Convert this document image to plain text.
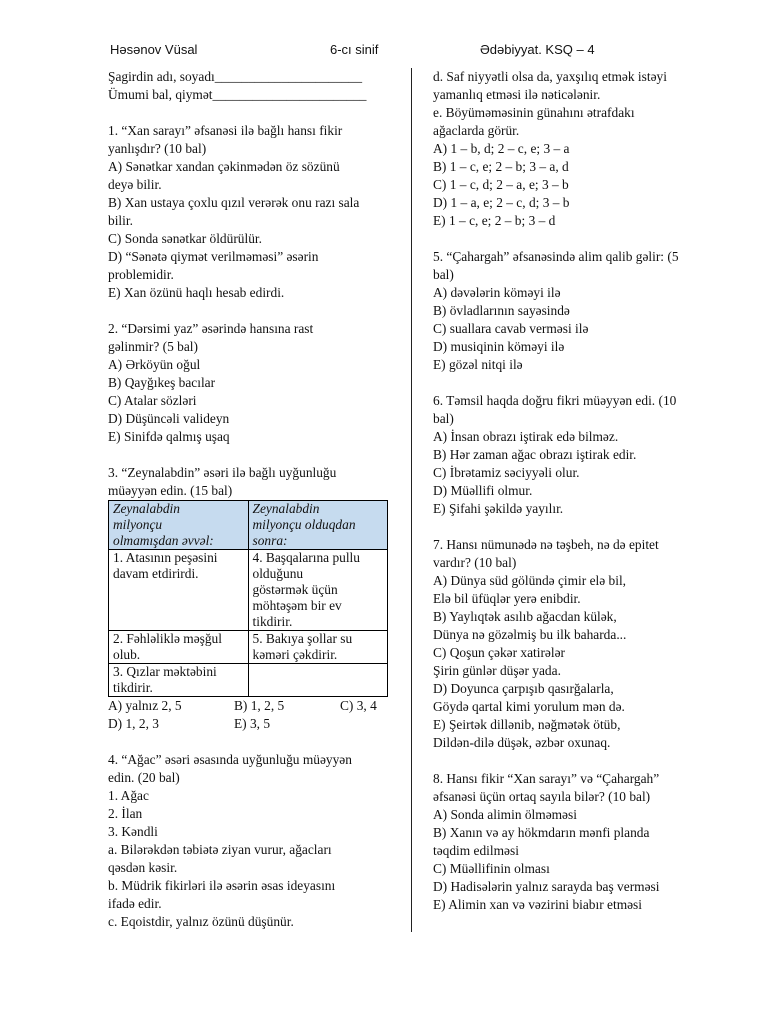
Həsənov Vüsal	6-cı sinif	Ədəbiyyat. KSQ – 4
Şagirdin adı, soyadı______________________
Ümumi bal, qiymət_______________________
1. “Xan sarayı” əfsanəsi ilə bağlı hansı fikir
yanlışdır? (10 bal)
A) Sənətkar xandan çəkinmədən öz sözünü
deyə bilir.
B) Xan ustaya çoxlu qızıl verərək onu razı sala
bilir.
C) Sonda sənətkar öldürülür.
D) “Sənətə qiymət verilməməsi” əsərin
problemidir.
E) Xan özünü haqlı hesab edirdi.
2. “Dərsimi yaz” əsərində hansına rast
gəlinmir? (5 bal)
A) Ərköyün oğul
B) Qayğıkeş bacılar
C) Atalar sözləri
D) Düşüncəli valideyn
E) Sinifdə qalmış uşaq
3. “Zeynalabdin” əsəri ilə bağlı uyğunluğu
müəyyən edin. (15 bal)
Zeynalabdin
milyonçu
olmamışdan əvvəl:	Zeynalabdin
milyonçu olduqdan
sonra:

1. Atasının peşəsini
davam etdirirdi.	4. Başqalarına pullu
olduğunu
göstərmək üçün
möhtəşəm bir ev
tikdirir.

2. Fəhləliklə məşğul
olub.	5. Bakıya şollar su
kəməri çəkdirir.

3. Qızlar məktəbini
tikdirir.	

A) yalnız 2, 5	B) 1, 2, 5	C) 3, 4
D) 1, 2, 3	E) 3, 5
4. “Ağac” əsəri əsasında uyğunluğu müəyyən
edin. (20 bal)
1. Ağac
2. İlan
3. Kəndli
a. Bilərəkdən təbiətə ziyan vurur, ağacları
qəsdən kəsir.
b. Müdrik fikirləri ilə əsərin əsas ideyasını
ifadə edir.
c. Eqoistdir, yalnız özünü düşünür.
d. Saf niyyətli olsa da, yaxşılıq etmək istəyi
yamanlıq etməsi ilə nəticələnir.
e. Böyüməməsinin günahını ətrafdakı
ağaclarda görür.
A) 1 – b, d; 2 – c, e; 3 – a
B) 1 – c, e; 2 – b; 3 – a, d
C) 1 – c, d; 2 – a, e; 3 – b
D) 1 – a, e; 2 – c, d; 3 – b
E) 1 – c, e; 2 – b; 3 – d
5. “Çahargah” əfsanəsində alim qalib gəlir: (5
bal)
A) dəvələrin köməyi ilə
B) övladlarının sayəsində
C) suallara cavab verməsi ilə
D) musiqinin köməyi ilə
E) gözəl nitqi ilə
6. Təmsil haqda doğru fikri müəyyən edi. (10
bal)
A) İnsan obrazı iştirak edə bilməz.
B) Hər zaman ağac obrazı iştirak edir.
C) İbrətamiz səciyyəli olur.
D) Müəllifi olmur.
E) Şifahi şəkildə yayılır.
7. Hansı nümunədə nə təşbeh, nə də epitet
vardır? (10 bal)
A) Dünya süd gölündə çimir elə bil,
Elə bil üfüqlər yerə enibdir.
B) Yaylıqtək asılıb ağacdan külək,
Dünya nə gözəlmiş bu ilk baharda...
C) Qoşun çəkər xatirələr
Şirin günlər düşər yada.
D) Doyunca çarpışıb qasırğalarla,
Göydə qartal kimi yorulum mən də.
E) Şeirtək dillənib, nəğmətək ötüb,
Dildən-dilə düşək, əzbər oxunaq.
8. Hansı fikir “Xan sarayı” və “Çahargah”
əfsanəsi üçün ortaq sayıla bilər? (10 bal)
A) Sonda alimin ölməməsi
B) Xanın və ay hökmdarın mənfi planda
təqdim edilməsi
C) Müəllifinin olması
D) Hadisələrin yalnız sarayda baş verməsi
E) Alimin xan və vəzirini biabır etməsi
